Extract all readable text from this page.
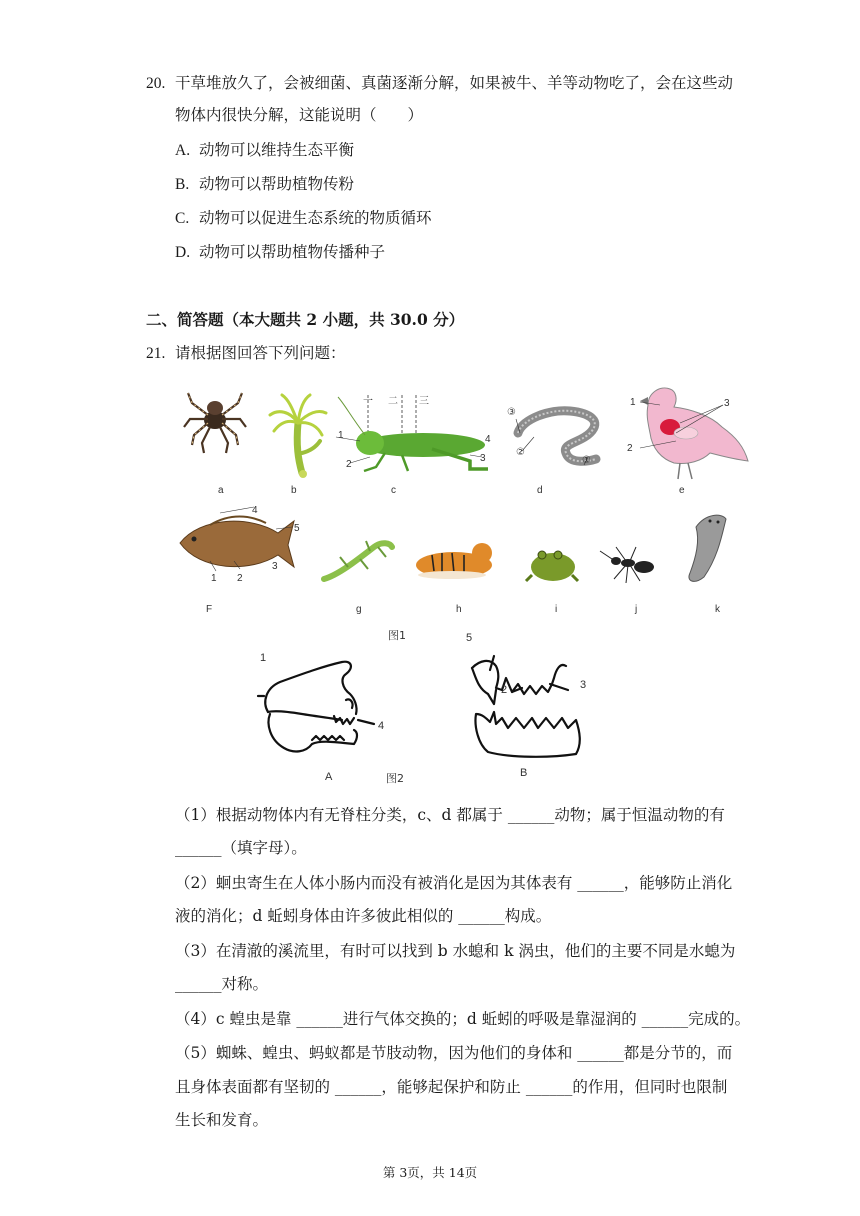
20. 干草堆放久了，会被细菌、真菌逐渐分解，如果被牛、羊等动物吃了，会在这些动
物体内很快分解，这能说明（　　）
A. 动物可以维持生态平衡
B. 动物可以帮助植物传粉
C. 动物可以促进生态系统的物质循环
D. 动物可以帮助植物传播种子
二、简答题（本大题共 2 小题，共 30.0 分）
21. 请根据图回答下列问题：
a	b	c	d	e
F	g	h	i	j	k
一 二 三
1
2
3
4
③
②
①
1
2
3
1 2
3
4
5
图1
1
4
5
2	3
A	图2	B
（1）根据动物体内有无脊柱分类，c、d 都属于 ______动物；属于恒温动物的有
______（填字母）。
（2）蛔虫寄生在人体小肠内而没有被消化是因为其体表有 ______，能够防止消化
液的消化；d 蚯蚓身体由许多彼此相似的 ______构成。
（3）在清澈的溪流里，有时可以找到 b 水螅和 k 涡虫，他们的主要不同是水螅为
______对称。
（4）c 蝗虫是靠 ______进行气体交换的；d 蚯蚓的呼吸是靠湿润的 ______完成的。
（5）蜘蛛、蝗虫、蚂蚁都是节肢动物，因为他们的身体和 ______都是分节的，而
且身体表面都有坚韧的 ______，能够起保护和防止 ______的作用，但同时也限制
生长和发育。
第 3页，共 14页
